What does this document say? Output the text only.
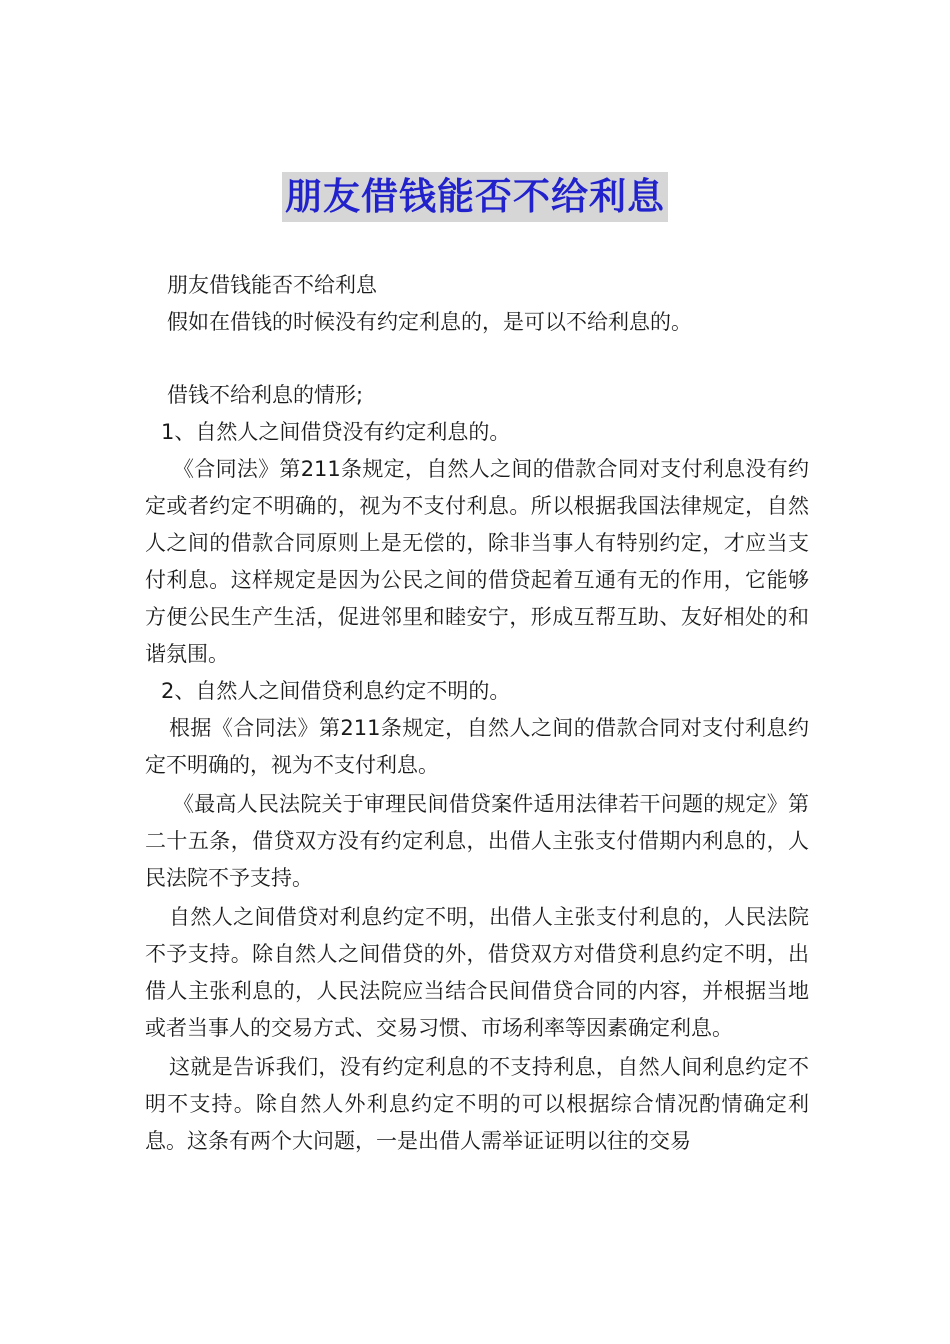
朋友借钱能否不给利息

朋友借钱能否不给利息

假如在借钱的时候没有约定利息的，是可以不给利息的。

借钱不给利息的情形;

1、自然人之间借贷没有约定利息的。

《合同法》第211条规定，自然人之间的借款合同对支付利息没有约定或者约定不明确的，视为不支付利息。所以根据我国法律规定，自然人之间的借款合同原则上是无偿的，除非当事人有特别约定，才应当支付利息。这样规定是因为公民之间的借贷起着互通有无的作用，它能够方便公民生产生活，促进邻里和睦安宁，形成互帮互助、友好相处的和谐氛围。

2、自然人之间借贷利息约定不明的。

根据《合同法》第211条规定，自然人之间的借款合同对支付利息约定不明确的，视为不支付利息。

《最高人民法院关于审理民间借贷案件适用法律若干问题的规定》第二十五条，借贷双方没有约定利息，出借人主张支付借期内利息的，人民法院不予支持。

自然人之间借贷对利息约定不明，出借人主张支付利息的，人民法院不予支持。除自然人之间借贷的外，借贷双方对借贷利息约定不明，出借人主张利息的，人民法院应当结合民间借贷合同的内容，并根据当地或者当事人的交易方式、交易习惯、市场利率等因素确定利息。

这就是告诉我们，没有约定利息的不支持利息，自然人间利息约定不明不支持。除自然人外利息约定不明的可以根据综合情况酌情确定利息。这条有两个大问题，一是出借人需举证证明以往的交易
